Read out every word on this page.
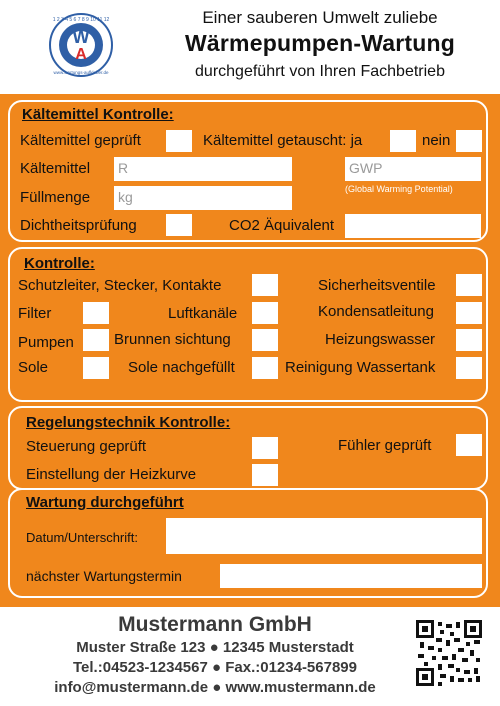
W
A
1 2 3 4 5 6 7 8 9 10 11 12
www.wartungs-aufkleber.de
Einer sauberen Umwelt zuliebe
Wärmepumpen-Wartung
durchgeführt von Ihren Fachbetrieb
Kältemittel Kontrolle:
Kältemittel geprüft	Kältemittel getauscht: ja	nein
Kältemittel R	GWP
Füllmenge kg	(Global Warming Potential)
Dichtheitsprüfung	CO2 Äquivalent
Kontrolle:
Schutzleiter, Stecker, Kontakte	Sicherheitsventile
Filter	Luftkanäle	Kondensatleitung
Pumpen	Brunnen sichtung	Heizungswasser
Sole	Sole nachgefüllt	Reinigung Wassertank
Regelungstechnik Kontrolle:
Steuerung geprüft	Fühler geprüft
Einstellung der Heizkurve
Wartung durchgeführt
Datum/Unterschrift:
nächster Wartungstermin
Mustermann GmbH
Muster Straße 123 ● 12345 Musterstadt
Tel.:04523-1234567 ● Fax.:01234-567899
info@mustermann.de ● www.mustermann.de
